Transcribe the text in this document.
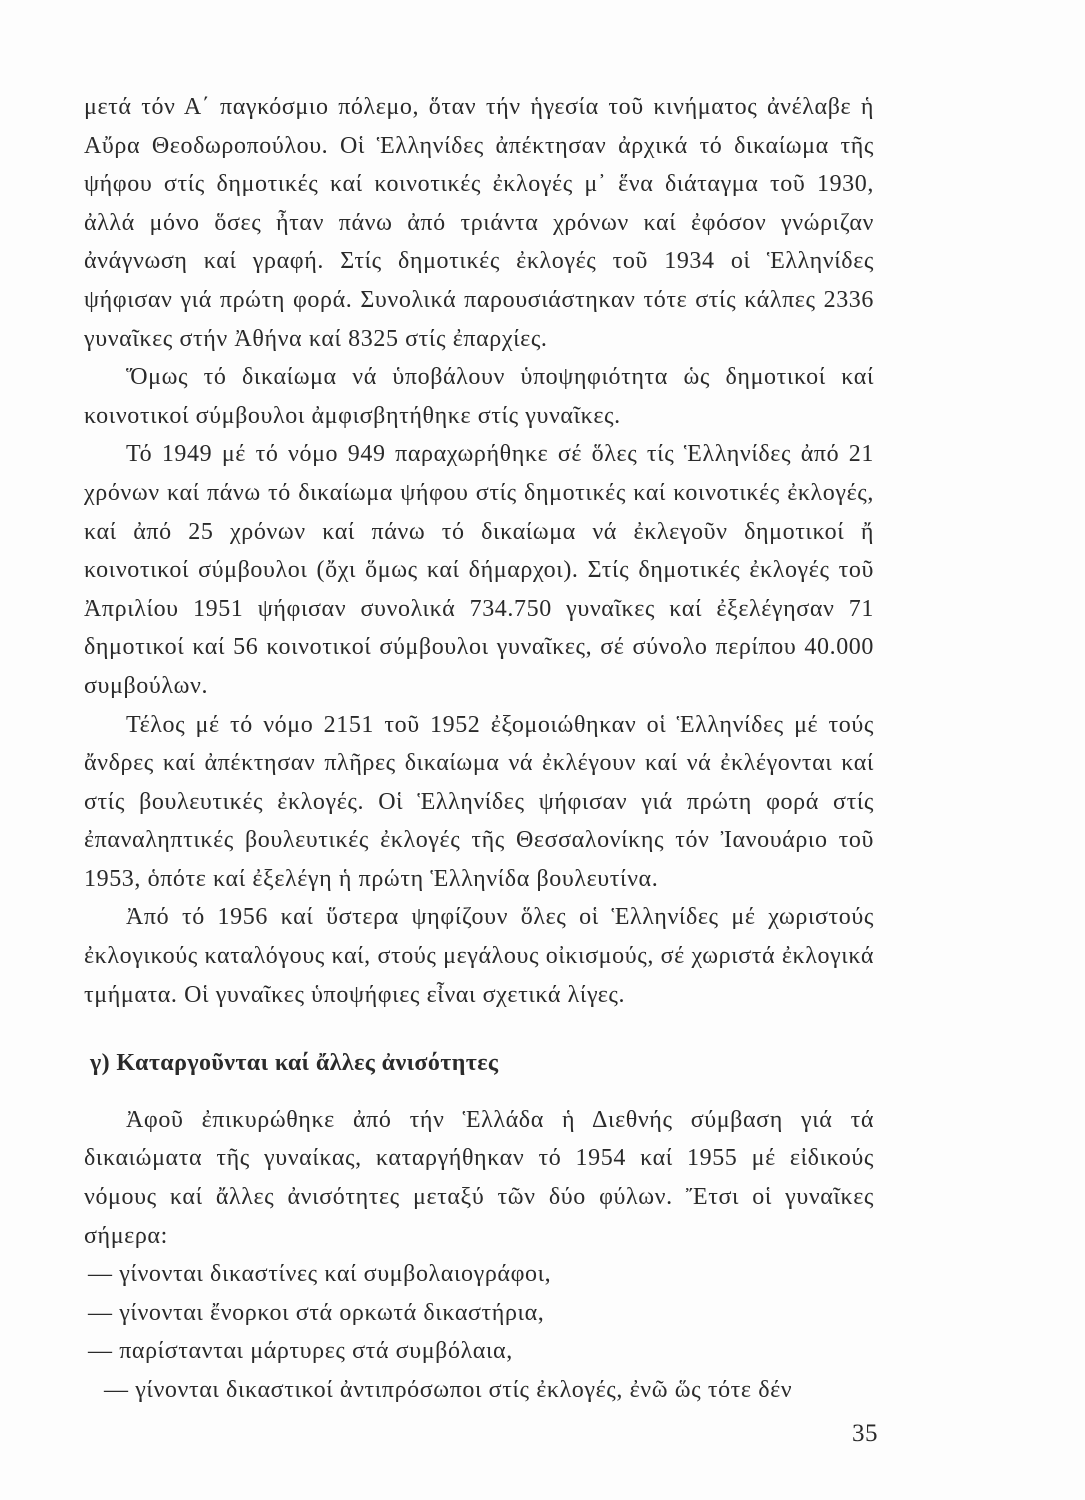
μετά τόν Α΄ παγκόσμιο πόλεμο, ὅταν τήν ἡγεσία τοῦ κινήματος ἀνέλαβε ἡ Αὔρα Θεοδωροπούλου. Οἱ Ἑλληνίδες ἀπέκτησαν ἀρχικά τό δικαίωμα τῆς ψήφου στίς δημοτικές καί κοινοτικές ἐκλογές μ᾿ ἕνα διάταγμα τοῦ 1930, ἀλλά μόνο ὅσες ἦταν πάνω ἀπό τριάντα χρόνων καί ἐφόσον γνώριζαν ἀνάγνωση καί γραφή. Στίς δημοτικές ἐκλογές τοῦ 1934 οἱ Ἑλληνίδες ψήφισαν γιά πρώτη φορά. Συνολικά παρουσιάστηκαν τότε στίς κάλπες 2336 γυναῖκες στήν Ἀθήνα καί 8325 στίς ἐπαρχίες.

Ὅμως τό δικαίωμα νά ὑποβάλουν ὑποψηφιότητα ὡς δημοτικοί καί κοινοτικοί σύμβουλοι ἀμφισβητήθηκε στίς γυναῖκες.

Τό 1949 μέ τό νόμο 949 παραχωρήθηκε σέ ὅλες τίς Ἑλληνίδες ἀπό 21 χρόνων καί πάνω τό δικαίωμα ψήφου στίς δημοτικές καί κοινοτικές ἐκλογές, καί ἀπό 25 χρόνων καί πάνω τό δικαίωμα νά ἐκλεγοῦν δημοτικοί ἤ κοινοτικοί σύμβουλοι (ὄχι ὅμως καί δήμαρχοι). Στίς δημοτικές ἐκλογές τοῦ Ἀπριλίου 1951 ψήφισαν συνολικά 734.750 γυναῖκες καί ἐξελέγησαν 71 δημοτικοί καί 56 κοινοτικοί σύμβουλοι γυναῖκες, σέ σύνολο περίπου 40.000 συμβούλων.

Τέλος μέ τό νόμο 2151 τοῦ 1952 ἐξομοιώθηκαν οἱ Ἑλληνίδες μέ τούς ἄνδρες καί ἀπέκτησαν πλῆρες δικαίωμα νά ἐκλέγουν καί νά ἐκλέγονται καί στίς βουλευτικές ἐκλογές. Οἱ Ἑλληνίδες ψήφισαν γιά πρώτη φορά στίς ἐπαναληπτικές βουλευτικές ἐκλογές τῆς Θεσσαλονίκης τόν Ἰανουάριο τοῦ 1953, ὁπότε καί ἐξελέγη ἡ πρώτη Ἑλληνίδα βουλευτίνα.

Ἀπό τό 1956 καί ὕστερα ψηφίζουν ὅλες οἱ Ἑλληνίδες μέ χωριστούς ἐκλογικούς καταλόγους καί, στούς μεγάλους οἰκισμούς, σέ χωριστά ἐκλογικά τμήματα. Οἱ γυναῖκες ὑποψήφιες εἶναι σχετικά λίγες.

γ) Καταργοῦνται καί ἄλλες ἀνισότητες

Ἀφοῦ ἐπικυρώθηκε ἀπό τήν Ἑλλάδα ἡ Διεθνής σύμβαση γιά τά δικαιώματα τῆς γυναίκας, καταργήθηκαν τό 1954 καί 1955 μέ εἰδικούς νόμους καί ἄλλες ἀνισότητες μεταξύ τῶν δύο φύλων. Ἔτσι οἱ γυναῖκες σήμερα:

— γίνονται δικαστίνες καί συμβολαιογράφοι,
— γίνονται ἔνορκοι στά ορκωτά δικαστήρια,
— παρίστανται μάρτυρες στά συμβόλαια,
— γίνονται δικαστικοί ἀντιπρόσωποι στίς ἐκλογές, ἐνῶ ὥς τότε δέν
35
